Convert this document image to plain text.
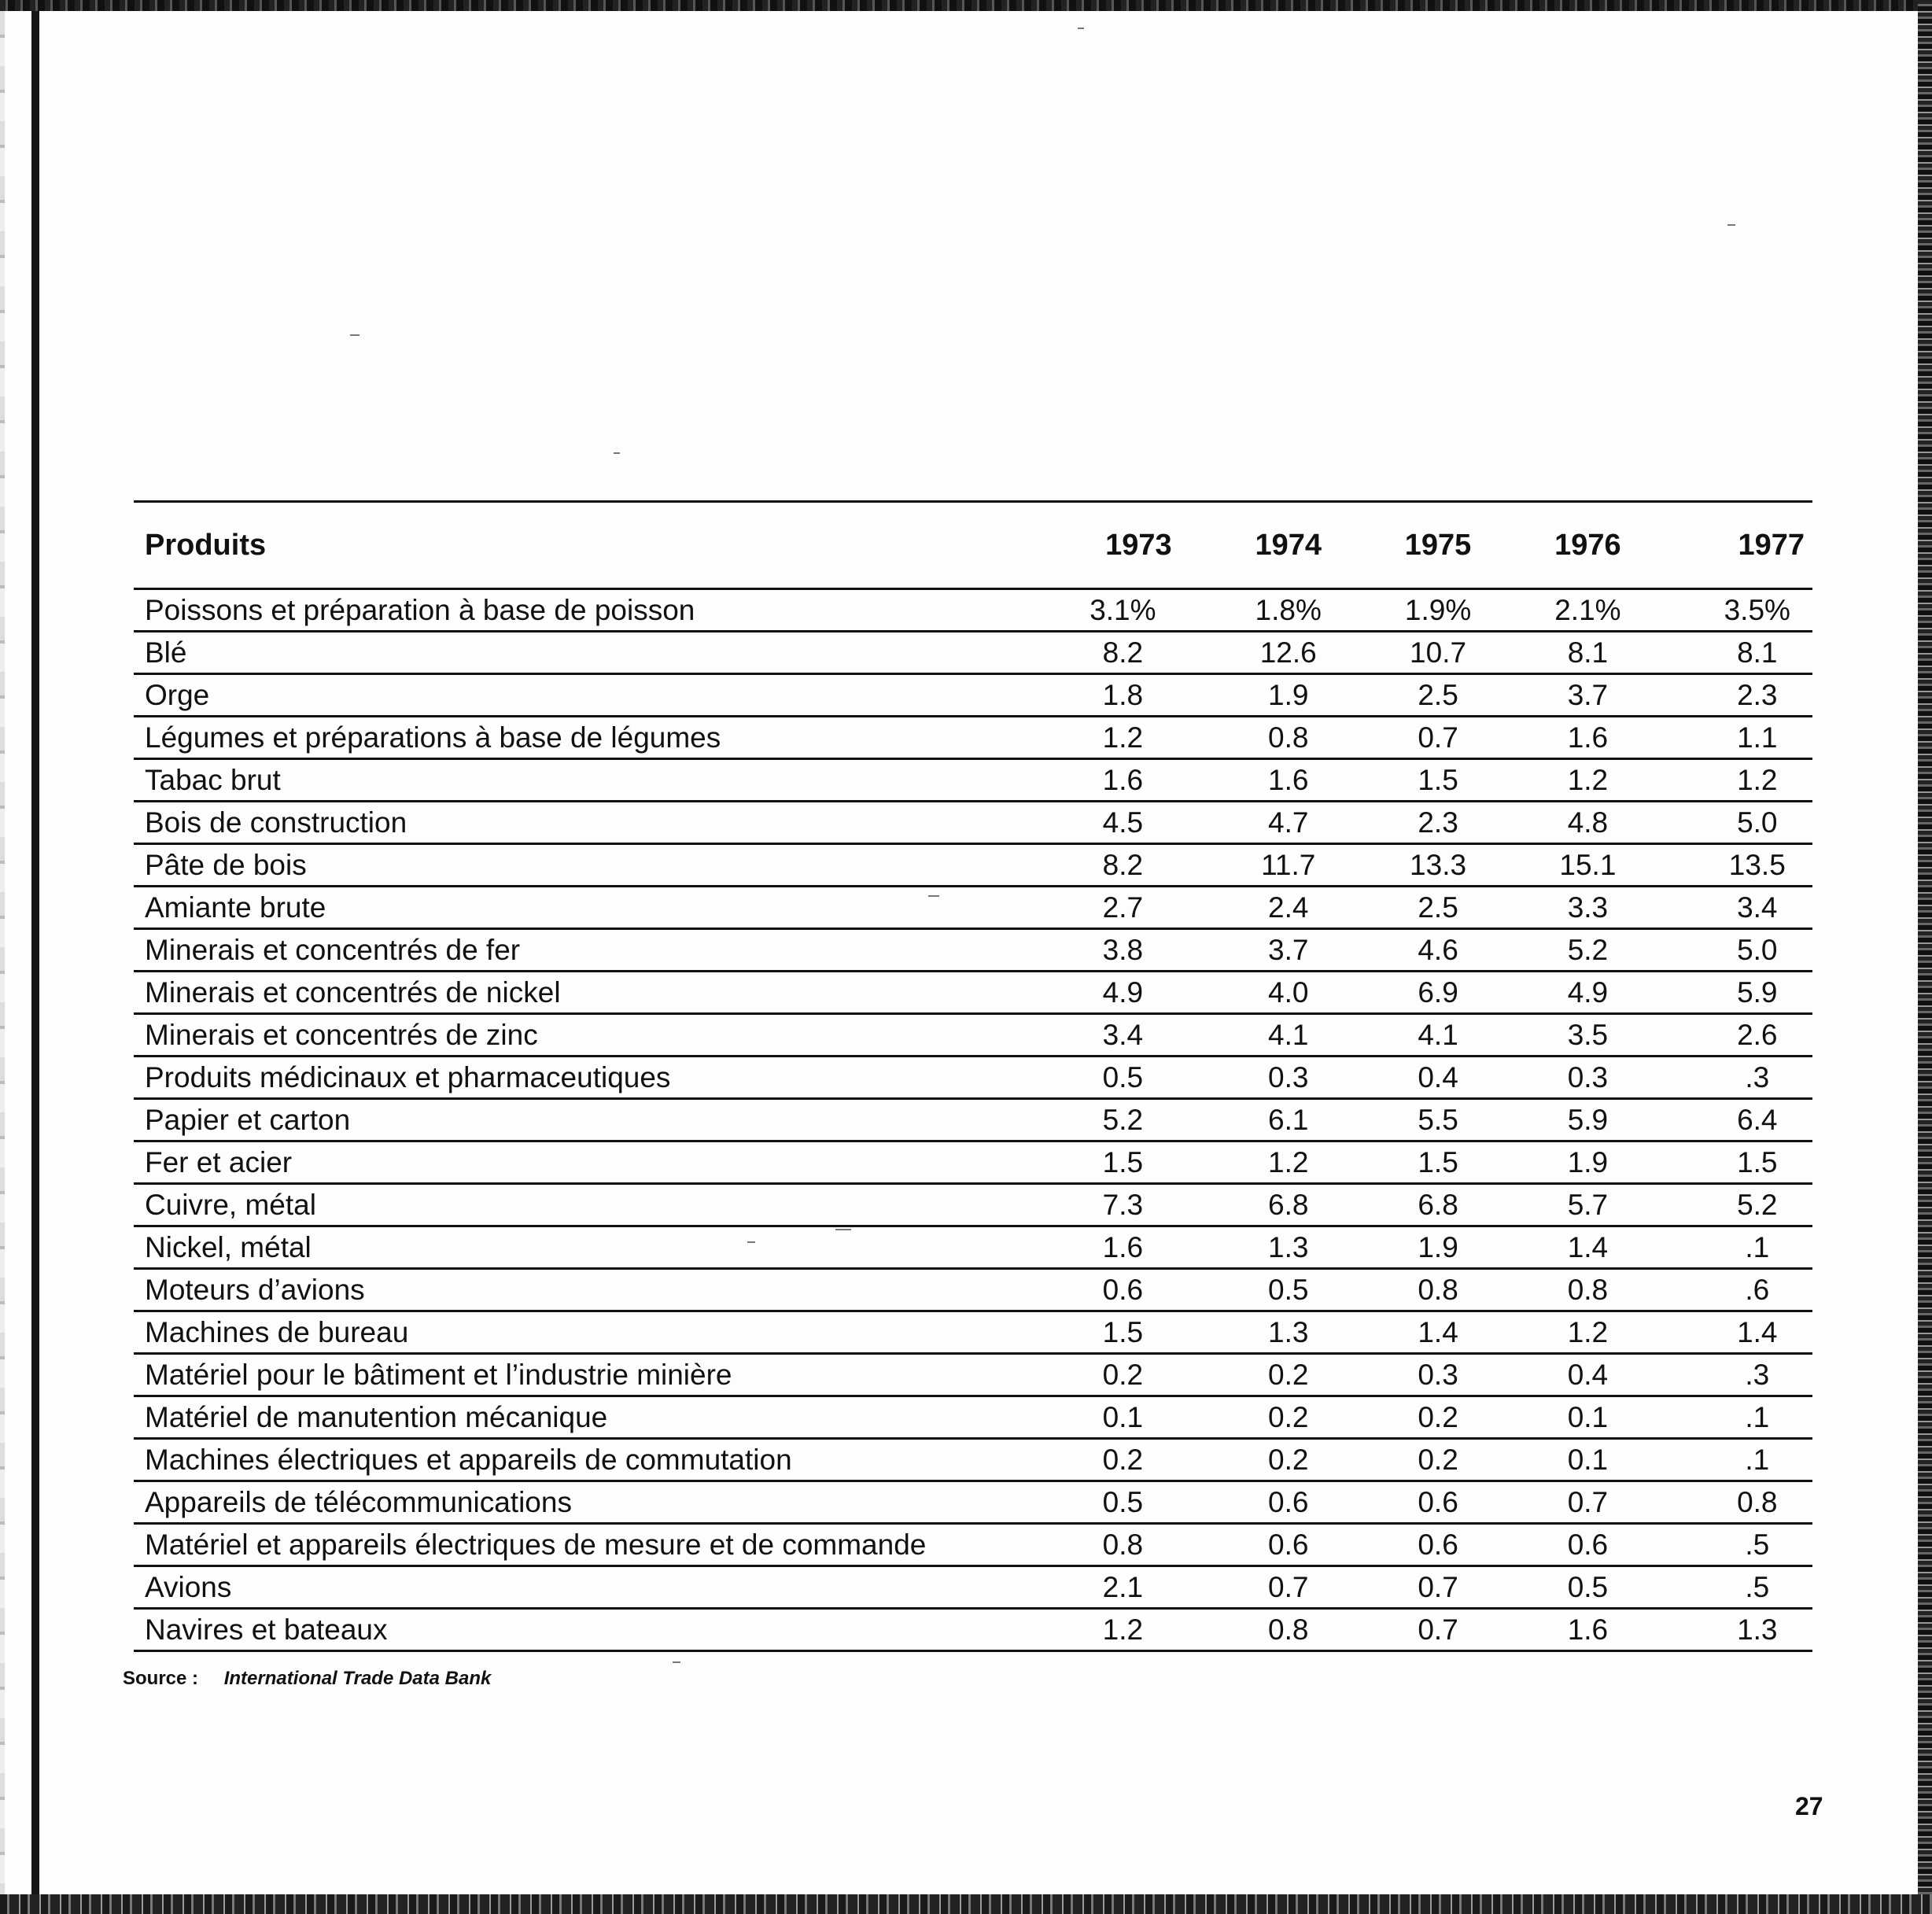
Produits	1973	1974	1975	1976	1977
Poissons et préparation à base de poisson	3.1%	1.8%	1.9%	2.1%	3.5%
Blé	8.2	12.6	10.7	8.1	8.1
Orge	1.8	1.9	2.5	3.7	2.3
Légumes et préparations à base de légumes	1.2	0.8	0.7	1.6	1.1
Tabac brut	1.6	1.6	1.5	1.2	1.2
Bois de construction	4.5	4.7	2.3	4.8	5.0
Pâte de bois	8.2	11.7	13.3	15.1	13.5
Amiante brute	2.7	2.4	2.5	3.3	3.4
Minerais et concentrés de fer	3.8	3.7	4.6	5.2	5.0
Minerais et concentrés de nickel	4.9	4.0	6.9	4.9	5.9
Minerais et concentrés de zinc	3.4	4.1	4.1	3.5	2.6
Produits médicinaux et pharmaceutiques	0.5	0.3	0.4	0.3	.3
Papier et carton	5.2	6.1	5.5	5.9	6.4
Fer et acier	1.5	1.2	1.5	1.9	1.5
Cuivre, métal	7.3	6.8	6.8	5.7	5.2
Nickel, métal	1.6	1.3	1.9	1.4	.1
Moteurs d’avions	0.6	0.5	0.8	0.8	.6
Machines de bureau	1.5	1.3	1.4	1.2	1.4
Matériel pour le bâtiment et l’industrie minière	0.2	0.2	0.3	0.4	.3
Matériel de manutention mécanique	0.1	0.2	0.2	0.1	.1
Machines électriques et appareils de commutation	0.2	0.2	0.2	0.1	.1
Appareils de télécommunications	0.5	0.6	0.6	0.7	0.8
Matériel et appareils électriques de mesure et de commande	0.8	0.6	0.6	0.6	.5
Avions	2.1	0.7	0.7	0.5	.5
Navires et bateaux	1.2	0.8	0.7	1.6	1.3
Source : International Trade Data Bank
27
